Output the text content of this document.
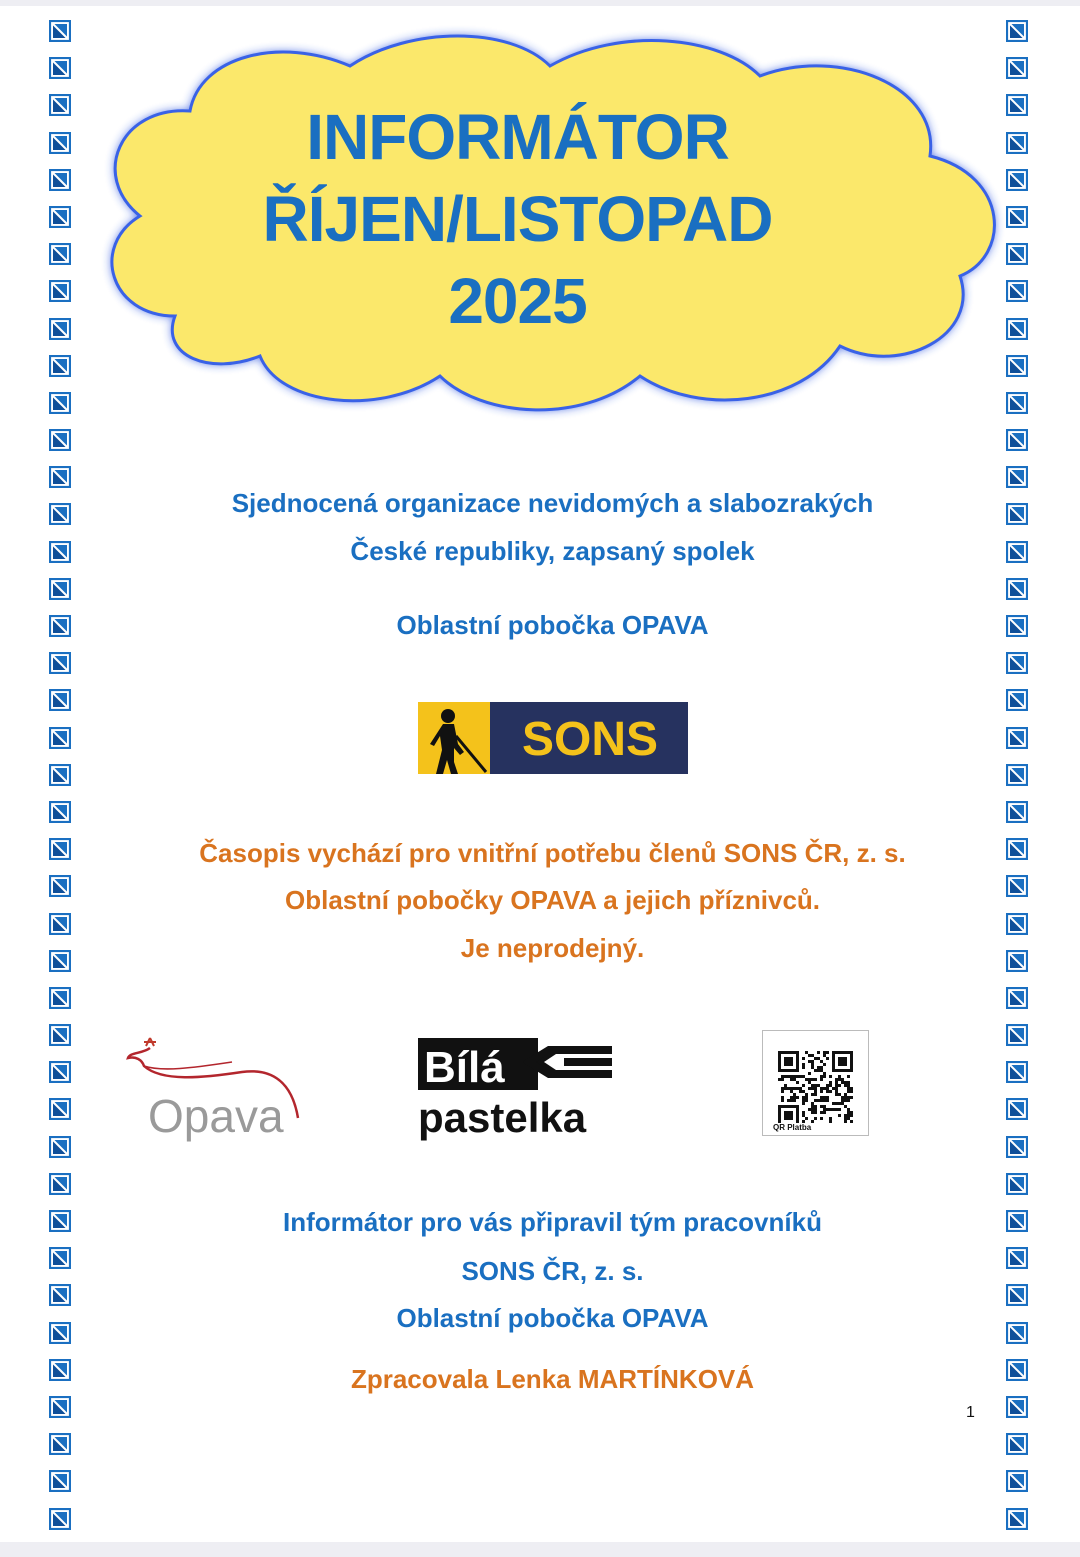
INFORMÁTOR
ŘÍJEN/LISTOPAD
2025
Sjednocená organizace nevidomých a slabozrakých
České republiky, zapsaný spolek
Oblastní pobočka OPAVA
SONS
Časopis vychází pro vnitřní potřebu členů SONS ČR, z. s.
Oblastní pobočky OPAVA a jejich příznivců.
Je neprodejný.
Opava
Bílá
pastelka	QR Platba
Informátor pro vás připravil tým pracovníků
SONS ČR, z. s.
Oblastní pobočka OPAVA
Zpracovala Lenka MARTÍNKOVÁ
1
